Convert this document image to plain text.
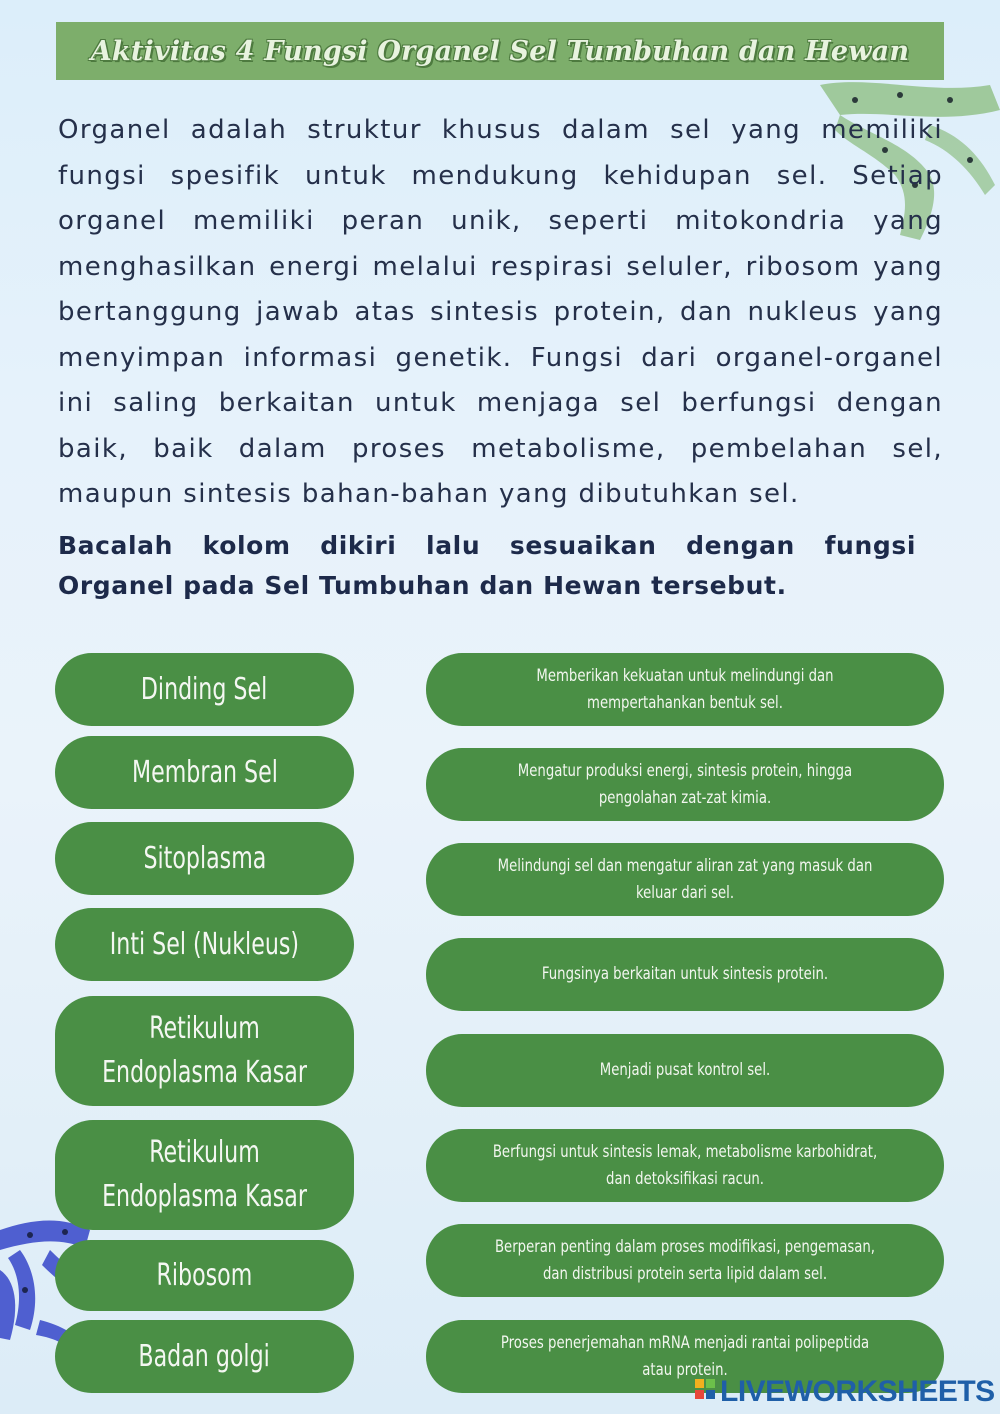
Aktivitas 4 Fungsi Organel Sel Tumbuhan dan Hewan

Organel adalah struktur khusus dalam sel yang memiliki fungsi spesifik untuk mendukung kehidupan sel. Setiap organel memiliki peran unik, seperti mitokondria yang menghasilkan energi melalui respirasi seluler, ribosom yang bertanggung jawab atas sintesis protein, dan nukleus yang menyimpan informasi genetik. Fungsi dari organel-organel ini saling berkaitan untuk menjaga sel berfungsi dengan baik, baik dalam proses metabolisme, pembelahan sel, maupun sintesis bahan-bahan yang dibutuhkan sel.

Bacalah kolom dikiri lalu sesuaikan dengan fungsi Organel pada Sel Tumbuhan dan Hewan tersebut.

Dinding Sel
Membran Sel
Sitoplasma
Inti Sel (Nukleus)
Retikulum Endoplasma Kasar
Retikulum Endoplasma Kasar
Ribosom
Badan golgi
Memberikan kekuatan untuk melindungi dan mempertahankan bentuk sel.
Mengatur produksi energi, sintesis protein, hingga pengolahan zat-zat kimia.
Melindungi sel dan mengatur aliran zat yang masuk dan keluar dari sel.
Fungsinya berkaitan untuk sintesis protein.
Menjadi pusat kontrol sel.
Berfungsi untuk sintesis lemak, metabolisme karbohidrat, dan detoksifikasi racun.
Berperan penting dalam proses modifikasi, pengemasan, dan distribusi protein serta lipid dalam sel.
Proses penerjemahan mRNA menjadi rantai polipeptida atau protein.
LIVEWORKSHEETS
